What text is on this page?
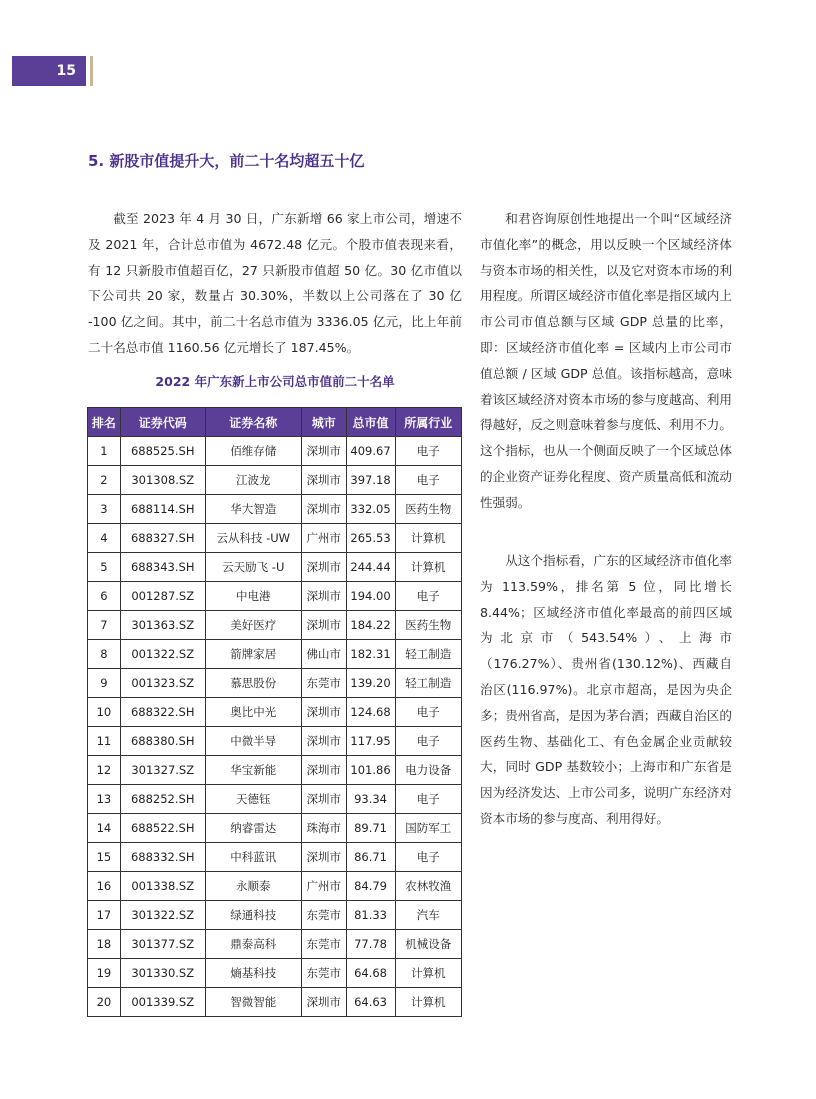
15
5. 新股市值提升大，前二十名均超五十亿

截至 2023 年 4 月 30 日，广东新增 66 家上市公司，增速不及 2021 年，合计总市值为 4672.48 亿元。个股市值表现来看，有 12 只新股市值超百亿，27 只新股市值超 50 亿。30 亿市值以下公司共 20 家，数量占 30.30%，半数以上公司落在了 30 亿 -100 亿之间。其中，前二十名总市值为 3336.05 亿元，比上年前二十名总市值 1160.56 亿元增长了 187.45%。

2022 年广东新上市公司总市值前二十名单

排名	证券代码	证券名称	城市	总市值	所属行业
1	688525.SH	佰维存储	深圳市	409.67	电子
2	301308.SZ	江波龙	深圳市	397.18	电子
3	688114.SH	华大智造	深圳市	332.05	医药生物
4	688327.SH	云从科技 -UW	广州市	265.53	计算机
5	688343.SH	云天励飞 -U	深圳市	244.44	计算机
6	001287.SZ	中电港	深圳市	194.00	电子
7	301363.SZ	美好医疗	深圳市	184.22	医药生物
8	001322.SZ	箭牌家居	佛山市	182.31	轻工制造
9	001323.SZ	慕思股份	东莞市	139.20	轻工制造
10	688322.SH	奥比中光	深圳市	124.68	电子
11	688380.SH	中微半导	深圳市	117.95	电子
12	301327.SZ	华宝新能	深圳市	101.86	电力设备
13	688252.SH	天德钰	深圳市	93.34	电子
14	688522.SH	纳睿雷达	珠海市	89.71	国防军工
15	688332.SH	中科蓝讯	深圳市	86.71	电子
16	001338.SZ	永顺泰	广州市	84.79	农林牧渔
17	301322.SZ	绿通科技	东莞市	81.33	汽车
18	301377.SZ	鼎泰高科	东莞市	77.78	机械设备
19	301330.SZ	熵基科技	东莞市	64.68	计算机
20	001339.SZ	智微智能	深圳市	64.63	计算机

和君咨询原创性地提出一个叫“区域经济市值化率”的概念，用以反映一个区域经济体与资本市场的相关性，以及它对资本市场的利用程度。所谓区域经济市值化率是指区域内上市公司市值总额与区域 GDP 总量的比率，即：区域经济市值化率 = 区域内上市公司市值总额 / 区域 GDP 总值。该指标越高，意味着该区域经济对资本市场的参与度越高、利用得越好，反之则意味着参与度低、利用不力。这个指标，也从一个侧面反映了一个区域总体的企业资产证券化程度、资产质量高低和流动性强弱。

从这个指标看，广东的区域经济市值化率为 113.59%，排名第 5 位，同比增长 8.44%；区域经济市值化率最高的前四区域为北京市（543.54%）、上海市（176.27%）、贵州省(130.12%)、西藏自治区(116.97%)。北京市超高，是因为央企多；贵州省高，是因为茅台酒；西藏自治区的医药生物、基础化工、有色金属企业贡献较大，同时 GDP 基数较小；上海市和广东省是因为经济发达、上市公司多，说明广东经济对资本市场的参与度高、利用得好。
